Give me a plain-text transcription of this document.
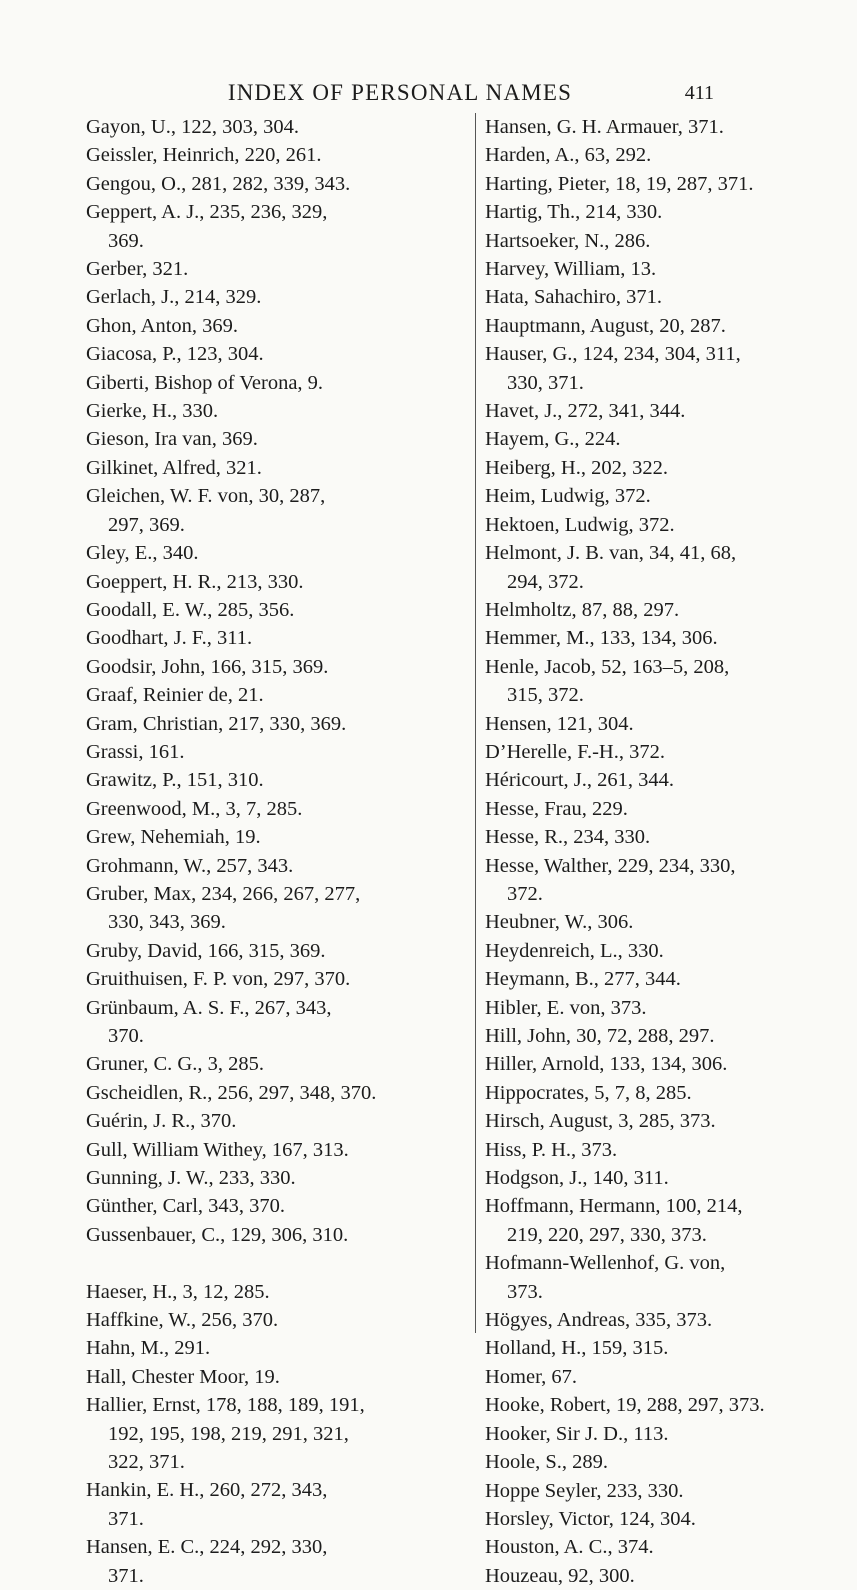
INDEX OF PERSONAL NAMES	411
Gayon, U., 122, 303, 304.
Geissler, Heinrich, 220, 261.
Gengou, O., 281, 282, 339, 343.
Geppert, A. J., 235, 236, 329,
369.
Gerber, 321.
Gerlach, J., 214, 329.
Ghon, Anton, 369.
Giacosa, P., 123, 304.
Giberti, Bishop of Verona, 9.
Gierke, H., 330.
Gieson, Ira van, 369.
Gilkinet, Alfred, 321.
Gleichen, W. F. von, 30, 287,
297, 369.
Gley, E., 340.
Goeppert, H. R., 213, 330.
Goodall, E. W., 285, 356.
Goodhart, J. F., 311.
Goodsir, John, 166, 315, 369.
Graaf, Reinier de, 21.
Gram, Christian, 217, 330, 369.
Grassi, 161.
Grawitz, P., 151, 310.
Greenwood, M., 3, 7, 285.
Grew, Nehemiah, 19.
Grohmann, W., 257, 343.
Gruber, Max, 234, 266, 267, 277,
330, 343, 369.
Gruby, David, 166, 315, 369.
Gruithuisen, F. P. von, 297, 370.
Grünbaum, A. S. F., 267, 343,
370.
Gruner, C. G., 3, 285.
Gscheidlen, R., 256, 297, 348, 370.
Guérin, J. R., 370.
Gull, William Withey, 167, 313.
Gunning, J. W., 233, 330.
Günther, Carl, 343, 370.
Gussenbauer, C., 129, 306, 310.
Haeser, H., 3, 12, 285.
Haffkine, W., 256, 370.
Hahn, M., 291.
Hall, Chester Moor, 19.
Hallier, Ernst, 178, 188, 189, 191,
192, 195, 198, 219, 291, 321,
322, 371.
Hankin, E. H., 260, 272, 343,
371.
Hansen, E. C., 224, 292, 330,
371.
Hansen, G. H. Armauer, 371.
Harden, A., 63, 292.
Harting, Pieter, 18, 19, 287, 371.
Hartig, Th., 214, 330.
Hartsoeker, N., 286.
Harvey, William, 13.
Hata, Sahachiro, 371.
Hauptmann, August, 20, 287.
Hauser, G., 124, 234, 304, 311,
330, 371.
Havet, J., 272, 341, 344.
Hayem, G., 224.
Heiberg, H., 202, 322.
Heim, Ludwig, 372.
Hektoen, Ludwig, 372.
Helmont, J. B. van, 34, 41, 68,
294, 372.
Helmholtz, 87, 88, 297.
Hemmer, M., 133, 134, 306.
Henle, Jacob, 52, 163–5, 208,
315, 372.
Hensen, 121, 304.
D’Herelle, F.-H., 372.
Héricourt, J., 261, 344.
Hesse, Frau, 229.
Hesse, R., 234, 330.
Hesse, Walther, 229, 234, 330,
372.
Heubner, W., 306.
Heydenreich, L., 330.
Heymann, B., 277, 344.
Hibler, E. von, 373.
Hill, John, 30, 72, 288, 297.
Hiller, Arnold, 133, 134, 306.
Hippocrates, 5, 7, 8, 285.
Hirsch, August, 3, 285, 373.
Hiss, P. H., 373.
Hodgson, J., 140, 311.
Hoffmann, Hermann, 100, 214,
219, 220, 297, 330, 373.
Hofmann-Wellenhof, G. von,
373.
Högyes, Andreas, 335, 373.
Holland, H., 159, 315.
Homer, 67.
Hooke, Robert, 19, 288, 297, 373.
Hooker, Sir J. D., 113.
Hoole, S., 289.
Hoppe Seyler, 233, 330.
Horsley, Victor, 124, 304.
Houston, A. C., 374.
Houzeau, 92, 300.
